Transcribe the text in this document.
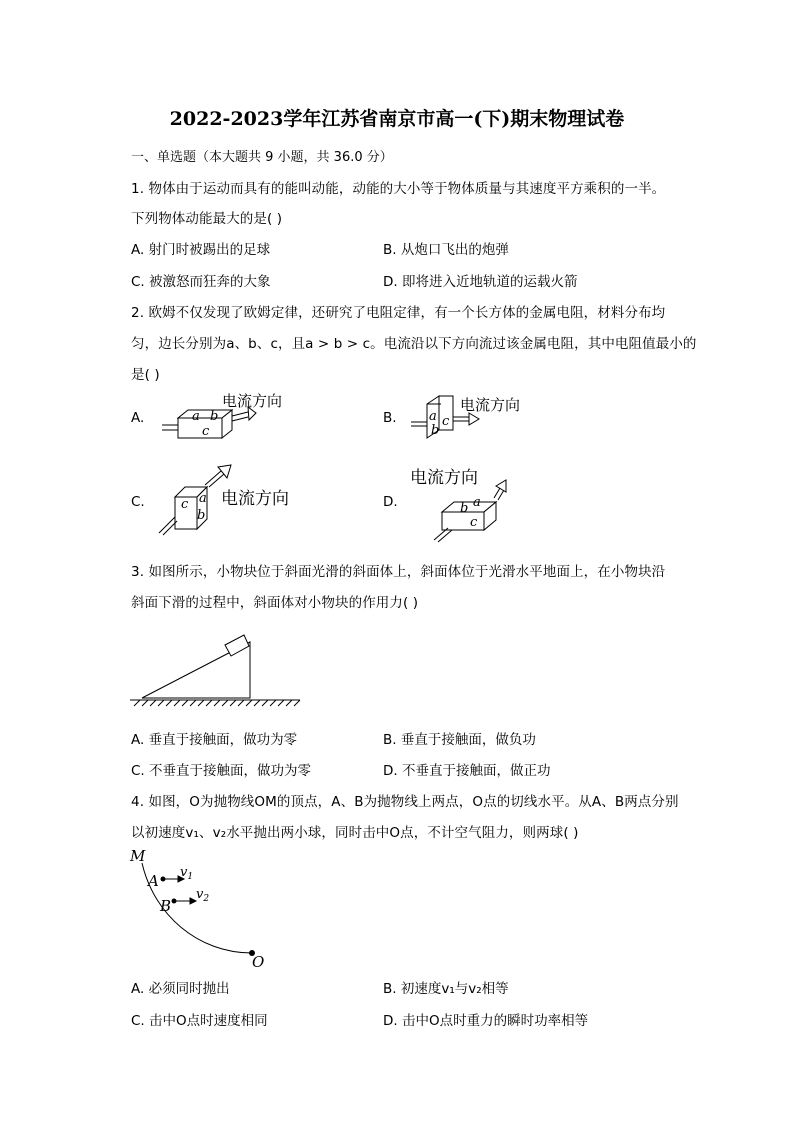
2022-2023学年江苏省南京市高一(下)期末物理试卷
一、单选题（本大题共 9 小题，共 36.0 分）
1. 物体由于运动而具有的能叫动能，动能的大小等于物体质量与其速度平方乘积的一半。
下列物体动能最大的是( )
A. 射门时被踢出的足球	B. 从炮口飞出的炮弹
C. 被激怒而狂奔的大象	D. 即将进入近地轨道的运载火箭
2. 欧姆不仅发现了欧姆定律，还研究了电阻定律，有一个长方体的金属电阻，材料分布均
匀，边长分别为a、b、c，且a > b > c。电流沿以下方向流过该金属电阻，其中电阻值最小的
是( )
A.	B.
C.	D.
a b
c
电流方向
a
b
c
电流方向
c a
b
电流方向	b a
c
电流方向
3. 如图所示，小物块位于斜面光滑的斜面体上，斜面体位于光滑水平地面上，在小物块沿
斜面下滑的过程中，斜面体对小物块的作用力( )
A. 垂直于接触面，做功为零	B. 垂直于接触面，做负功
C. 不垂直于接触面，做功为零	D. 不垂直于接触面，做正功
4. 如图，O为抛物线OM的顶点，A、B为抛物线上两点，O点的切线水平。从A、B两点分别
以初速度v₁、v₂水平抛出两小球，同时击中O点，不计空气阻力，则两球( )
M
A
B
O
$v_1$
$v_2$
A. 必须同时抛出	B. 初速度v₁与v₂相等
C. 击中O点时速度相同	D. 击中O点时重力的瞬时功率相等
